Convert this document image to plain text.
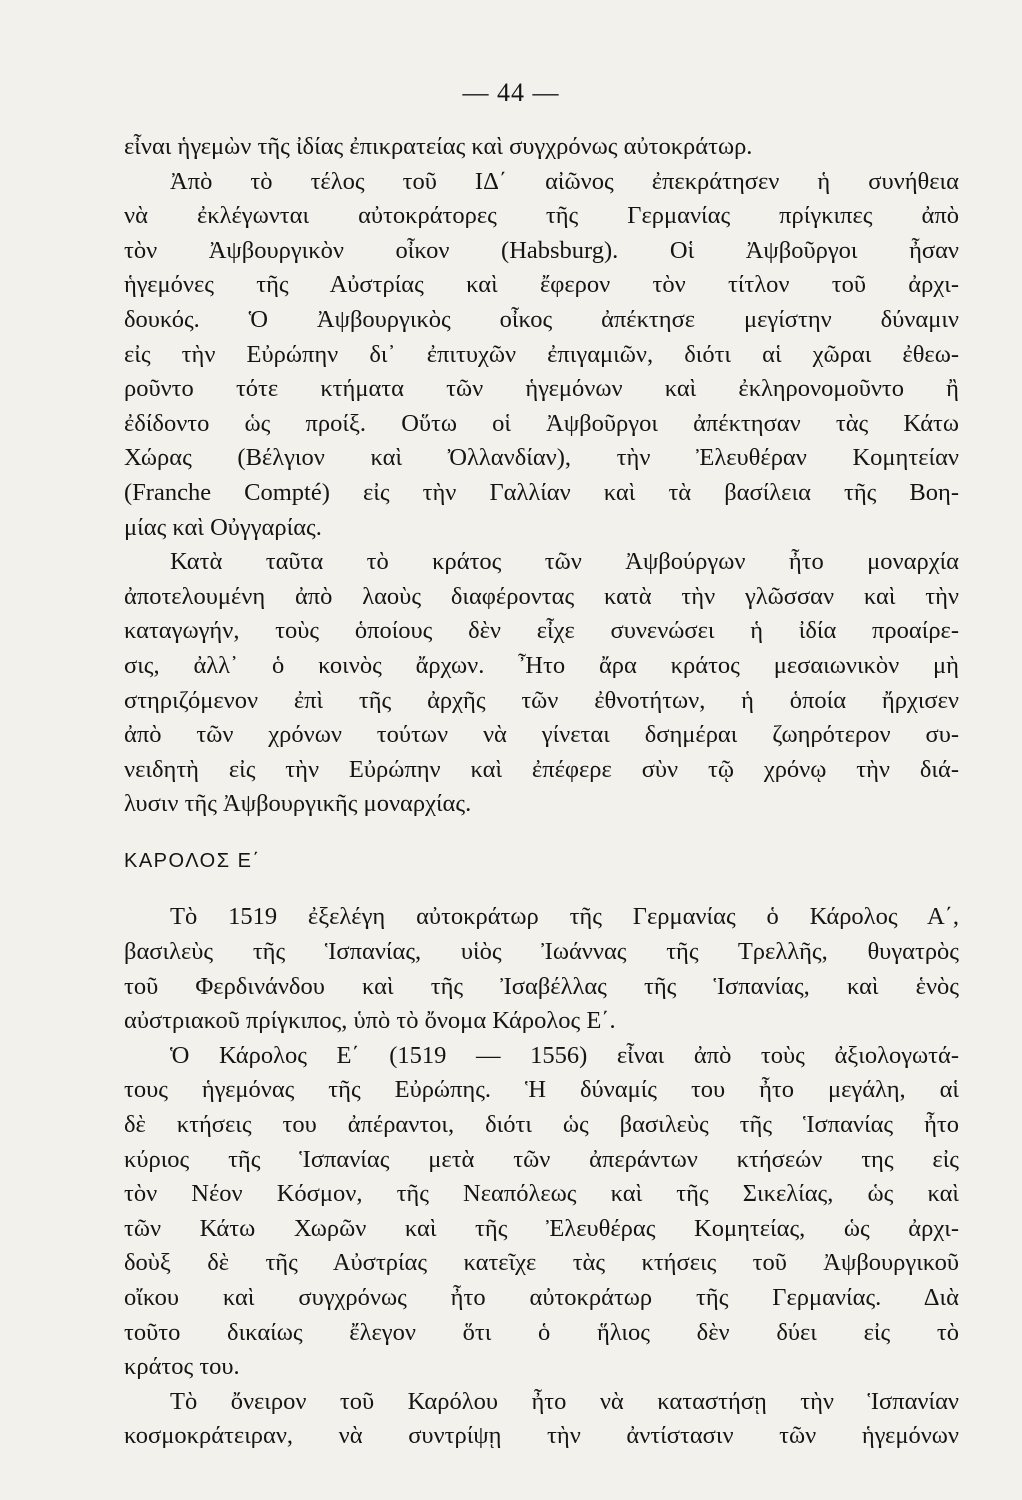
— 44 —
εἶναι ἡγεμὼν τῆς ἰδίας ἐπικρατείας καὶ συγχρόνως αὐτοκράτωρ.
Ἀπὸ τὸ τέλος τοῦ ΙΔ΄ αἰῶνος ἐπεκράτησεν ἡ συνήθεια
νὰ ἐκλέγωνται αὐτοκράτορες τῆς Γερμανίας πρίγκιπες ἀπὸ
τὸν Ἀψβουργικὸν οἶκον (Habsburg). Οἱ Ἀψβοῦργοι ἦσαν
ἡγεμόνες τῆς Αὐστρίας καὶ ἔφερον τὸν τίτλον τοῦ ἀρχι-
δουκός. Ὁ Ἀψβουργικὸς οἶκος ἀπέκτησε μεγίστην δύναμιν
εἰς τὴν Εὐρώπην δι᾽ ἐπιτυχῶν ἐπιγαμιῶν, διότι αἱ χῶραι ἐθεω-
ροῦντο τότε κτήματα τῶν ἡγεμόνων καὶ ἐκληρονομοῦντο ἢ
ἐδίδοντο ὡς προίξ. Οὕτω οἱ Ἀψβοῦργοι ἀπέκτησαν τὰς Κάτω
Χώρας (Βέλγιον καὶ Ὀλλανδίαν), τὴν Ἐλευθέραν Κομητείαν
(Franche Compté) εἰς τὴν Γαλλίαν καὶ τὰ βασίλεια τῆς Βοη-
μίας καὶ Οὐγγαρίας.
Κατὰ ταῦτα τὸ κράτος τῶν Ἀψβούργων ἦτο μοναρχία
ἀποτελουμένη ἀπὸ λαοὺς διαφέροντας κατὰ τὴν γλῶσσαν καὶ τὴν
καταγωγήν, τοὺς ὁποίους δὲν εἶχε συνενώσει ἡ ἰδία προαίρε-
σις, ἀλλ᾽ ὁ κοινὸς ἄρχων. Ἦτο ἄρα κράτος μεσαιωνικὸν μὴ
στηριζόμενον ἐπὶ τῆς ἀρχῆς τῶν ἐθνοτήτων, ἡ ὁποία ἤρχισεν
ἀπὸ τῶν χρόνων τούτων νὰ γίνεται δσημέραι ζωηρότερον συ-
νειδητὴ εἰς τὴν Εὐρώπην καὶ ἐπέφερε σὺν τῷ χρόνῳ τὴν διά-
λυσιν τῆς Ἀψβουργικῆς μοναρχίας.
ΚΑΡΟΛΟΣ Ε΄
Τὸ 1519 ἐξελέγη αὐτοκράτωρ τῆς Γερμανίας ὁ Κάρολος Α΄,
βασιλεὺς τῆς Ἱσπανίας, υἱὸς Ἰωάννας τῆς Τρελλῆς, θυγατρὸς
τοῦ Φερδινάνδου καὶ τῆς Ἰσαβέλλας τῆς Ἱσπανίας, καὶ ἑνὸς
αὐστριακοῦ πρίγκιπος, ὑπὸ τὸ ὄνομα Κάρολος Ε΄.
Ὁ Κάρολος Ε΄ (1519 — 1556) εἶναι ἀπὸ τοὺς ἀξιολογωτά-
τους ἡγεμόνας τῆς Εὐρώπης. Ἡ δύναμίς του ἦτο μεγάλη, αἱ
δὲ κτήσεις του ἀπέραντοι, διότι ὡς βασιλεὺς τῆς Ἱσπανίας ἦτο
κύριος τῆς Ἱσπανίας μετὰ τῶν ἀπεράντων κτήσεών της εἰς
τὸν Νέον Κόσμον, τῆς Νεαπόλεως καὶ τῆς Σικελίας, ὡς καὶ
τῶν Κάτω Χωρῶν καὶ τῆς Ἐλευθέρας Κομητείας, ὡς ἀρχι-
δοὺξ δὲ τῆς Αὐστρίας κατεῖχε τὰς κτήσεις τοῦ Ἀψβουργικοῦ
οἴκου καὶ συγχρόνως ἦτο αὐτοκράτωρ τῆς Γερμανίας. Διὰ
τοῦτο δικαίως ἔλεγον ὅτι ὁ ἥλιος δὲν δύει εἰς τὸ
κράτος του.
Τὸ ὄνειρον τοῦ Καρόλου ἦτο νὰ καταστήσῃ τὴν Ἱσπανίαν
κοσμοκράτειραν, νὰ συντρίψῃ τὴν ἀντίστασιν τῶν ἡγεμόνων
